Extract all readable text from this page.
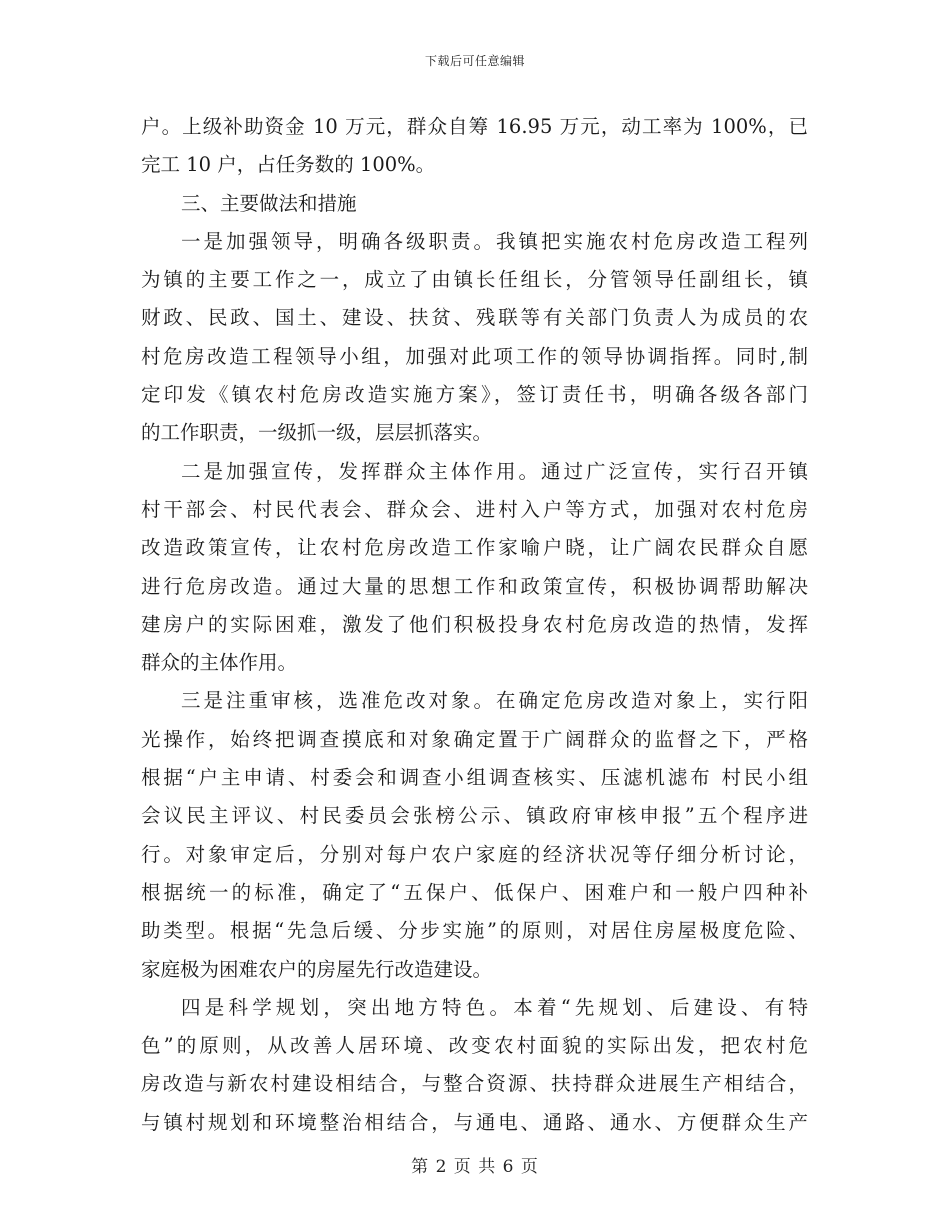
下载后可任意编辑
户。上级补助资金 10 万元，群众自筹 16.95 万元，动工率为 100%，已
完工 10 户，占任务数的 100%。
三、主要做法和措施
一是加强领导，明确各级职责。我镇把实施农村危房改造工程列
为镇的主要工作之一，成立了由镇长任组长，分管领导任副组长，镇
财政、民政、国土、建设、扶贫、残联等有关部门负责人为成员的农
村危房改造工程领导小组，加强对此项工作的领导协调指挥。同时,制
定印发《镇农村危房改造实施方案》，签订责任书，明确各级各部门
的工作职责，一级抓一级，层层抓落实。
二是加强宣传，发挥群众主体作用。通过广泛宣传，实行召开镇
村干部会、村民代表会、群众会、进村入户等方式，加强对农村危房
改造政策宣传，让农村危房改造工作家喻户晓，让广阔农民群众自愿
进行危房改造。通过大量的思想工作和政策宣传，积极协调帮助解决
建房户的实际困难，激发了他们积极投身农村危房改造的热情，发挥
群众的主体作用。
三是注重审核，选准危改对象。在确定危房改造对象上，实行阳
光操作，始终把调查摸底和对象确定置于广阔群众的监督之下，严格
根据“户主申请、村委会和调查小组调查核实、压滤机滤布 村民小组
会议民主评议、村民委员会张榜公示、镇政府审核申报”五个程序进
行。对象审定后，分别对每户农户家庭的经济状况等仔细分析讨论，
根据统一的标准，确定了“五保户、低保户、困难户和一般户四种补
助类型。根据“先急后缓、分步实施”的原则，对居住房屋极度危险、
家庭极为困难农户的房屋先行改造建设。
四是科学规划，突出地方特色。本着“先规划、后建设、有特
色”的原则，从改善人居环境、改变农村面貌的实际出发，把农村危
房改造与新农村建设相结合，与整合资源、扶持群众进展生产相结合，
与镇村规划和环境整治相结合，与通电、通路、通水、方便群众生产
第 2 页 共 6 页
